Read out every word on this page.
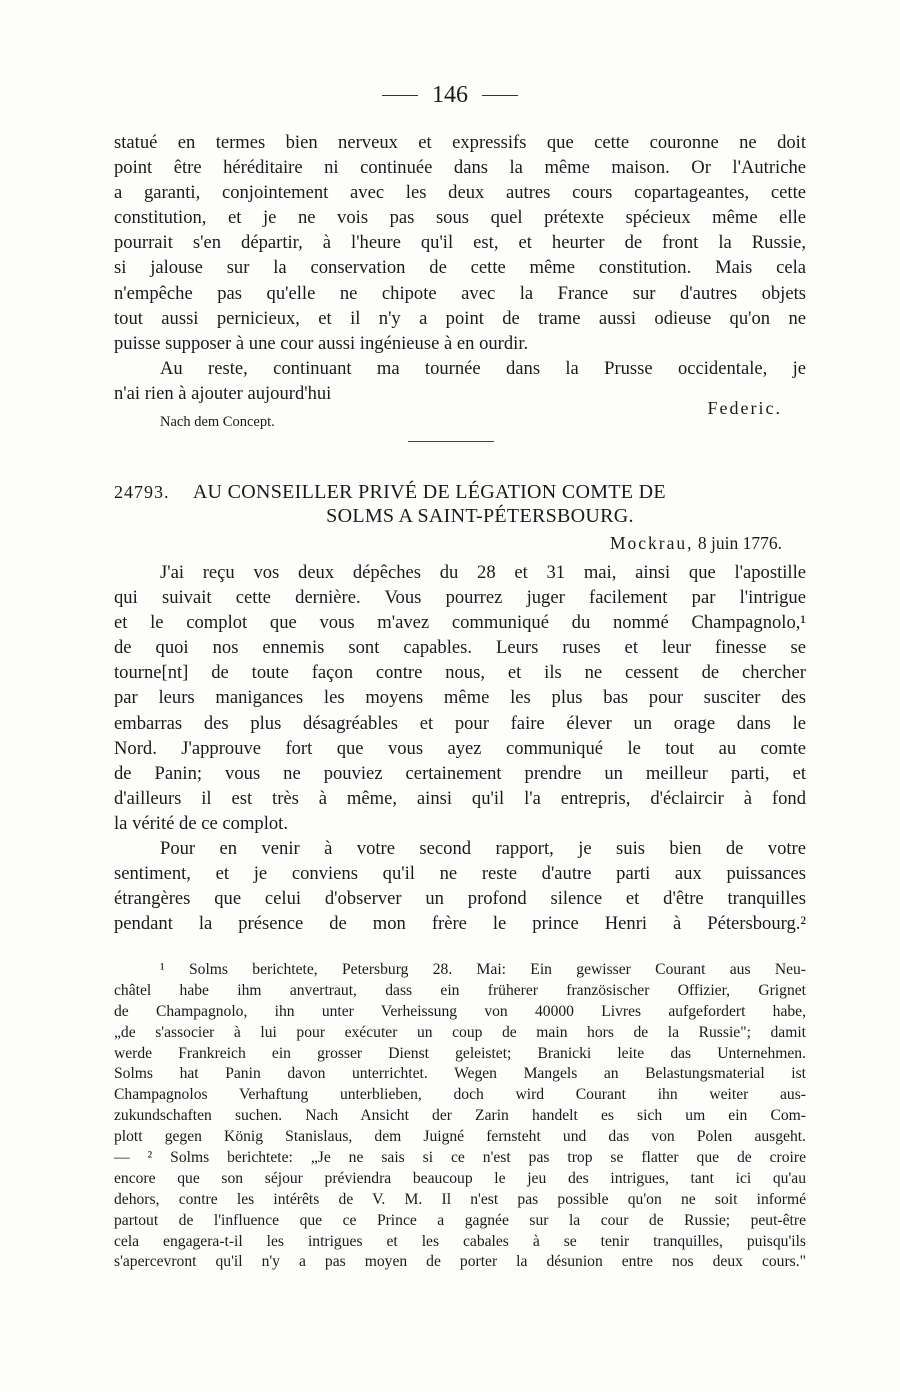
146
statué en termes bien nerveux et expressifs que cette couronne ne doit
point être héréditaire ni continuée dans la même maison. Or l'Autriche
a garanti, conjointement avec les deux autres cours copartageantes, cette
constitution, et je ne vois pas sous quel prétexte spécieux même elle
pourrait s'en départir, à l'heure qu'il est, et heurter de front la Russie,
si jalouse sur la conservation de cette même constitution. Mais cela
n'empêche pas qu'elle ne chipote avec la France sur d'autres objets
tout aussi pernicieux, et il n'y a point de trame aussi odieuse qu'on ne
puisse supposer à une cour aussi ingénieuse à en ourdir.
Au reste, continuant ma tournée dans la Prusse occidentale, je
n'ai rien à ajouter aujourd'hui
Nach dem Concept.
Federic.
24793. AU CONSEILLER PRIVÉ DE LÉGATION COMTE DE
SOLMS A SAINT-PÉTERSBOURG.
Mockrau, 8 juin 1776.
J'ai reçu vos deux dépêches du 28 et 31 mai, ainsi que l'apostille
qui suivait cette dernière. Vous pourrez juger facilement par l'intrigue
et le complot que vous m'avez communiqué du nommé Champagnolo,¹
de quoi nos ennemis sont capables. Leurs ruses et leur finesse se
tourne[nt] de toute façon contre nous, et ils ne cessent de chercher
par leurs manigances les moyens même les plus bas pour susciter des
embarras des plus désagréables et pour faire élever un orage dans le
Nord. J'approuve fort que vous ayez communiqué le tout au comte
de Panin; vous ne pouviez certainement prendre un meilleur parti, et
d'ailleurs il est très à même, ainsi qu'il l'a entrepris, d'éclaircir à fond
la vérité de ce complot.
Pour en venir à votre second rapport, je suis bien de votre
sentiment, et je conviens qu'il ne reste d'autre parti aux puissances
étrangères que celui d'observer un profond silence et d'être tranquilles
pendant la présence de mon frère le prince Henri à Pétersbourg.²
¹ Solms berichtete, Petersburg 28. Mai: Ein gewisser Courant aus Neu-
châtel habe ihm anvertraut, dass ein früherer französischer Offizier, Grignet
de Champagnolo, ihn unter Verheissung von 40000 Livres aufgefordert habe,
„de s'associer à lui pour exécuter un coup de main hors de la Russie"; damit
werde Frankreich ein grosser Dienst geleistet; Branicki leite das Unternehmen.
Solms hat Panin davon unterrichtet. Wegen Mangels an Belastungsmaterial ist
Champagnolos Verhaftung unterblieben, doch wird Courant ihn weiter aus-
zukundschaften suchen. Nach Ansicht der Zarin handelt es sich um ein Com-
plott gegen König Stanislaus, dem Juigné fernsteht und das von Polen ausgeht.
— ² Solms berichtete: „Je ne sais si ce n'est pas trop se flatter que de croire
encore que son séjour préviendra beaucoup le jeu des intrigues, tant ici qu'au
dehors, contre les intérêts de V. M. Il n'est pas possible qu'on ne soit informé
partout de l'influence que ce Prince a gagnée sur la cour de Russie; peut-être
cela engagera-t-il les intrigues et les cabales à se tenir tranquilles, puisqu'ils
s'apercevront qu'il n'y a pas moyen de porter la désunion entre nos deux cours."
